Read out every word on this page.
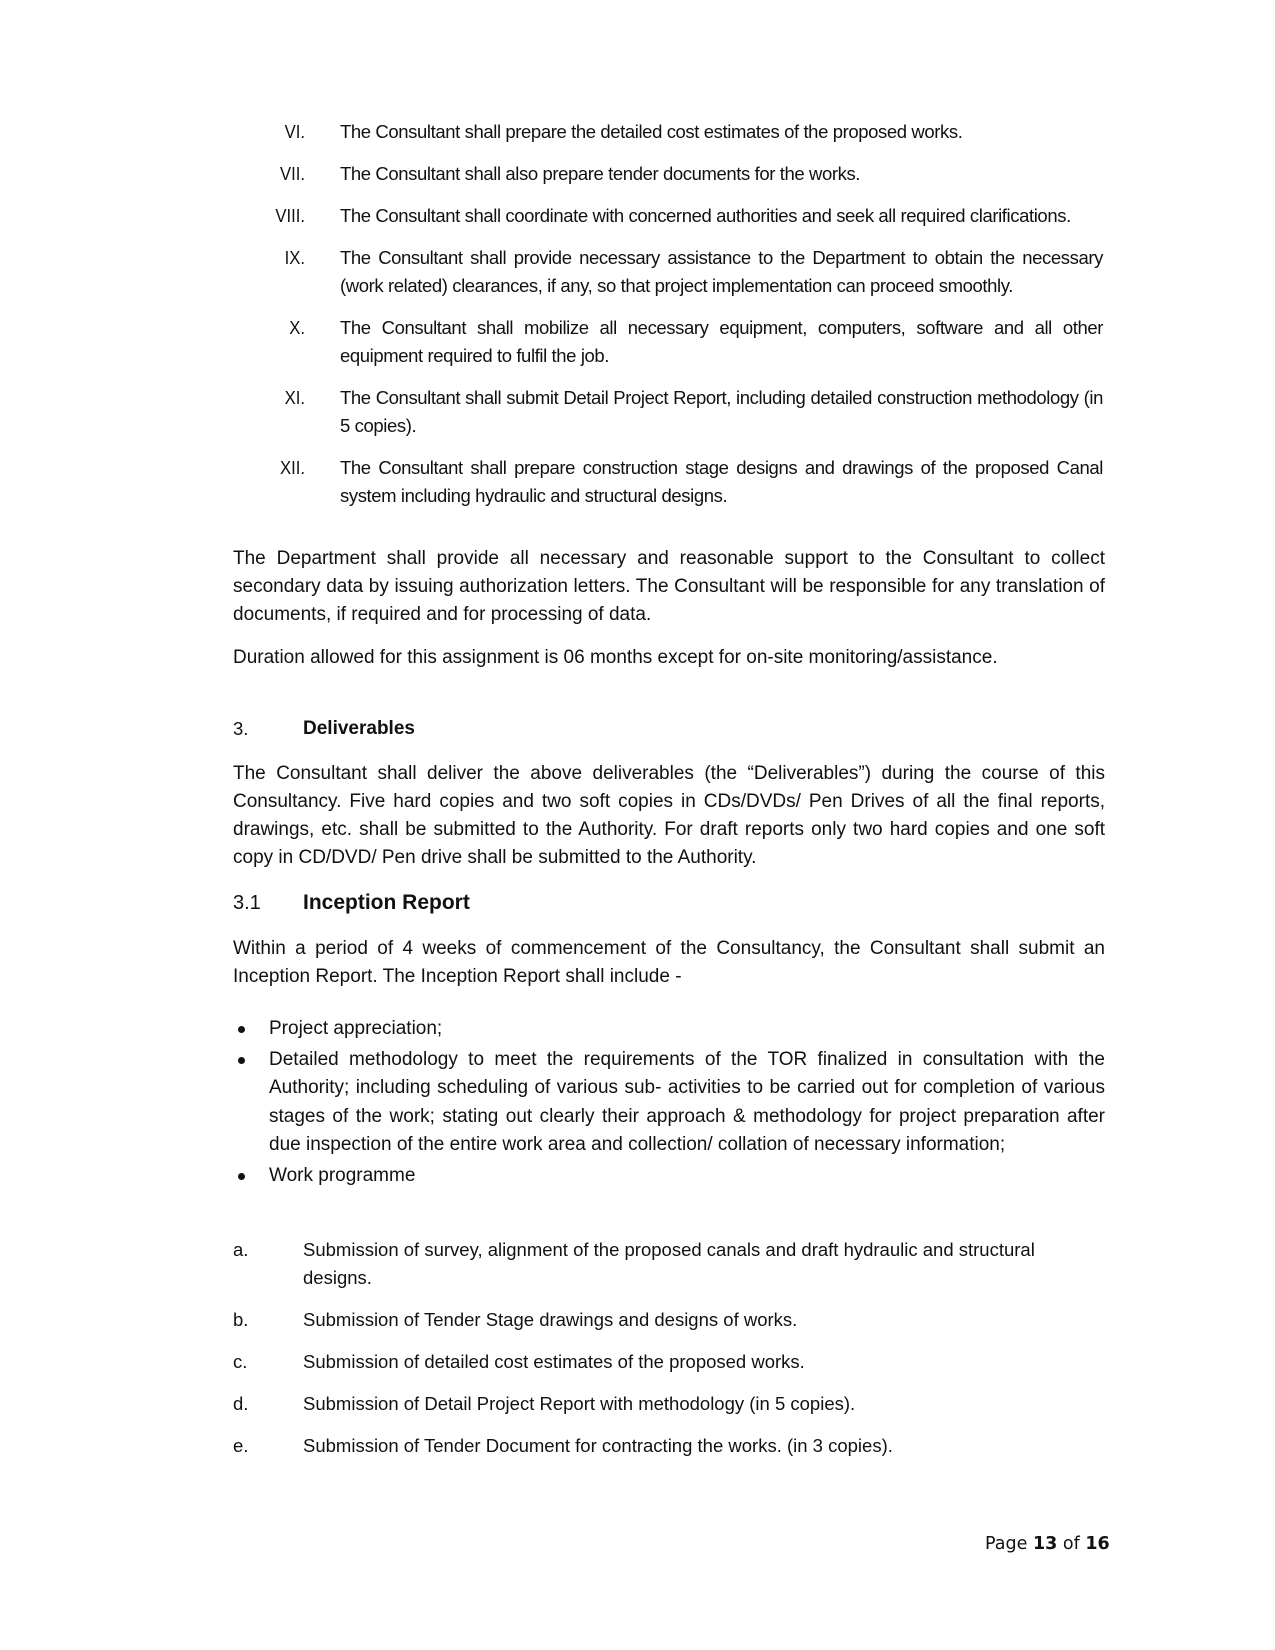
VI. The Consultant shall prepare the detailed cost estimates of the proposed works.
VII. The Consultant shall also prepare tender documents for the works.
VIII. The Consultant shall coordinate with concerned authorities and seek all required clarifications.
IX. The Consultant shall provide necessary assistance to the Department to obtain the necessary (work related) clearances, if any, so that project implementation can proceed smoothly.
X. The Consultant shall mobilize all necessary equipment, computers, software and all other equipment required to fulfil the job.
XI. The Consultant shall submit Detail Project Report, including detailed construction methodology (in 5 copies).
XII. The Consultant shall prepare construction stage designs and drawings of the proposed Canal system including hydraulic and structural designs.
The Department shall provide all necessary and reasonable support to the Consultant to collect secondary data by issuing authorization letters. The Consultant will be responsible for any translation of documents, if required and for processing of data.
Duration allowed for this assignment is 06 months except for on-site monitoring/assistance.
3.	Deliverables
The Consultant shall deliver the above deliverables (the “Deliverables”) during the course of this Consultancy. Five hard copies and two soft copies in CDs/DVDs/ Pen Drives of all the final reports, drawings, etc. shall be submitted to the Authority. For draft reports only two hard copies and one soft copy in CD/DVD/ Pen drive shall be submitted to the Authority.
3.1 Inception Report
Within a period of 4 weeks of commencement of the Consultancy, the Consultant shall submit an Inception Report. The Inception Report shall include -
Project appreciation;
Detailed methodology to meet the requirements of the TOR finalized in consultation with the Authority; including scheduling of various sub- activities to be carried out for completion of various stages of the work; stating out clearly their approach & methodology for project preparation after due inspection of the entire work area and collection/ collation of necessary information;
Work programme
a.	Submission of survey, alignment of the proposed canals and draft hydraulic and structural designs.
b.	Submission of Tender Stage drawings and designs of works.
c.	Submission of detailed cost estimates of the proposed works.
d.	Submission of Detail Project Report with methodology (in 5 copies).
e.	Submission of Tender Document for contracting the works. (in 3 copies).
Page 13 of 16
